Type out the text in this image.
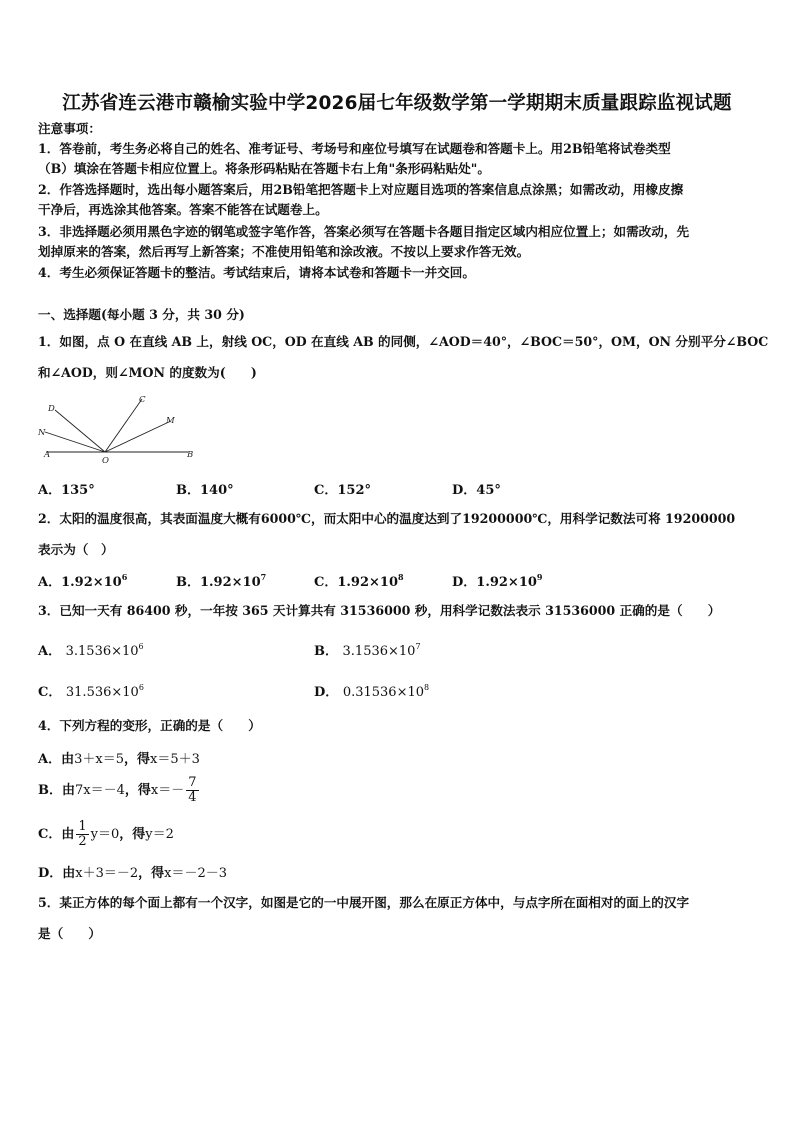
江苏省连云港市赣榆实验中学2026届七年级数学第一学期期末质量跟踪监视试题
注意事项：
1．答卷前，考生务必将自己的姓名、准考证号、考场号和座位号填写在试题卷和答题卡上。用2B铅笔将试卷类型
（B）填涂在答题卡相应位置上。将条形码粘贴在答题卡右上角"条形码粘贴处"。
2．作答选择题时，选出每小题答案后，用2B铅笔把答题卡上对应题目选项的答案信息点涂黑；如需改动，用橡皮擦
干净后，再选涂其他答案。答案不能答在试题卷上。
3．非选择题必须用黑色字迹的钢笔或签字笔作答，答案必须写在答题卡各题目指定区域内相应位置上；如需改动，先
划掉原来的答案，然后再写上新答案；不准使用铅笔和涂改液。不按以上要求作答无效。
4．考生必须保证答题卡的整洁。考试结束后，请将本试卷和答题卡一并交回。
一、选择题(每小题 3 分，共 30 分)
1．如图，点 O 在直线 AB 上，射线 OC，OD 在直线 AB 的同侧，∠AOD＝40°，∠BOC＝50°，OM，ON 分别平分∠BOC
和∠AOD，则∠MON 的度数为(　　)
D
C
M
N
A
O
B
A．135°	B．140°	C．152°	D．45°
2．太阳的温度很高，其表面温度大概有6000℃，而太阳中心的温度达到了19200000℃，用科学记数法可将 19200000
表示为（　）
A．$1.92\times 10^6$	B．$1.92\times 10^7$	C．$1.92\times 10^8$	D．$1.92\times 10^9$
3．已知一天有 86400 秒，一年按 365 天计算共有 31536000 秒，用科学记数法表示 31536000 正确的是（　　）
A． $3.1536\times 10^6$	B． $3.1536\times 10^7$
C． $31.536\times 10^6$	D． $0.31536\times 10^8$
4．下列方程的变形，正确的是（　　）
A．由3＋x＝5，得x＝5＋3
B．由7x＝－4，得$x=- \frac{7}{4}$
C．由 $\frac{1}{2} y=0$，得y＝2
D．由x＋3＝－2，得x＝－2－3
5．某正方体的每个面上都有一个汉字，如图是它的一中展开图，那么在原正方体中，与点字所在面相对的面上的汉字
是（　　）
